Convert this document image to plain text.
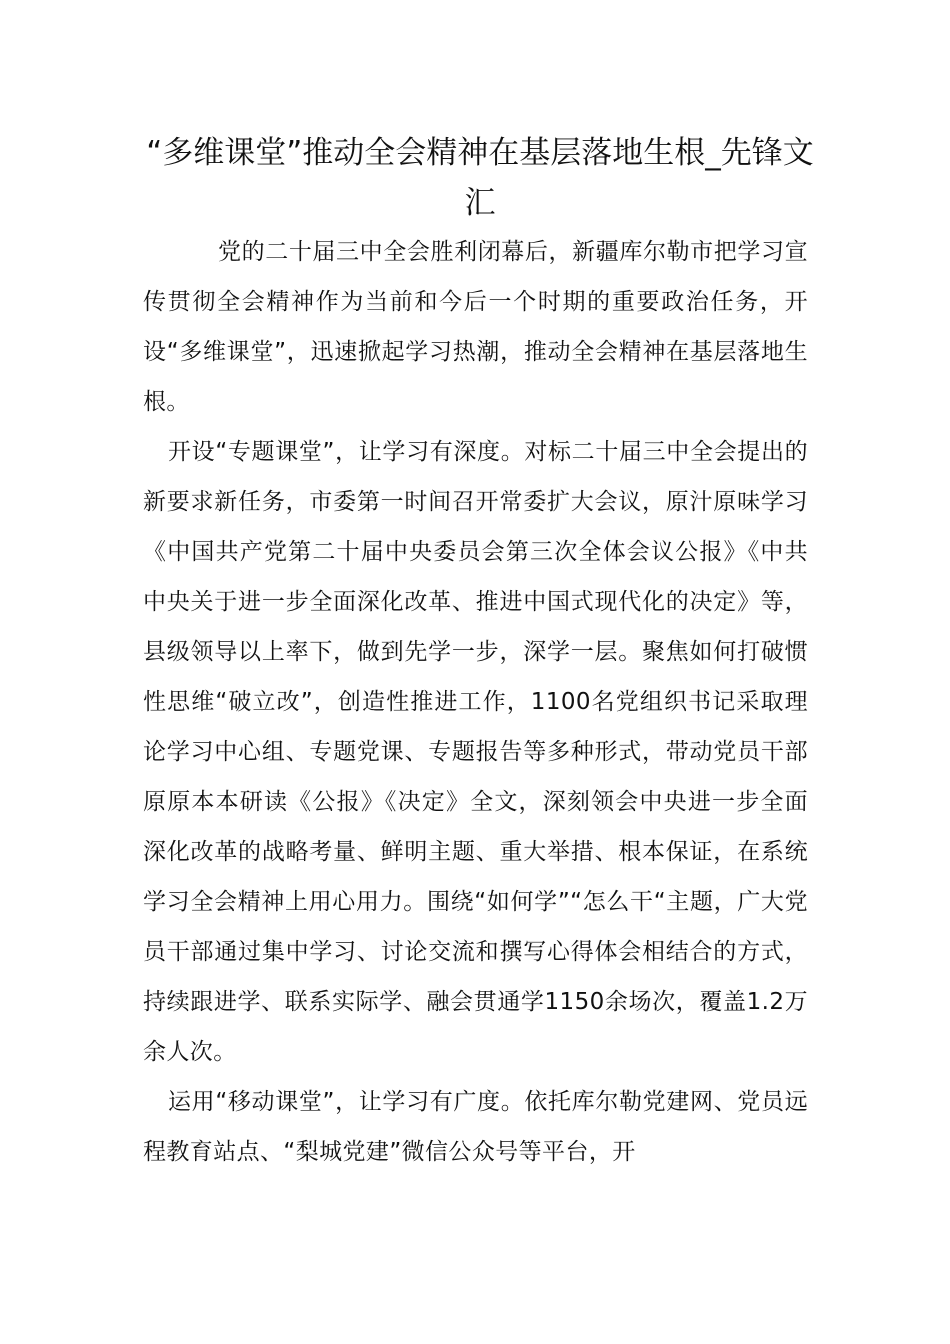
“多维课堂”推动全会精神在基层落地生根_先锋文汇

党的二十届三中全会胜利闭幕后，新疆库尔勒市把学习宣传贯彻全会精神作为当前和今后一个时期的重要政治任务，开设“多维课堂”，迅速掀起学习热潮，推动全会精神在基层落地生根。

开设“专题课堂”，让学习有深度。对标二十届三中全会提出的新要求新任务，市委第一时间召开常委扩大会议，原汁原味学习《中国共产党第二十届中央委员会第三次全体会议公报》《中共中央关于进一步全面深化改革、推进中国式现代化的决定》等，县级领导以上率下，做到先学一步，深学一层。聚焦如何打破惯性思维“破立改”，创造性推进工作，1100名党组织书记采取理论学习中心组、专题党课、专题报告等多种形式，带动党员干部原原本本研读《公报》《决定》全文，深刻领会中央进一步全面深化改革的战略考量、鲜明主题、重大举措、根本保证，在系统学习全会精神上用心用力。围绕“如何学”“怎么干“主题，广大党员干部通过集中学习、讨论交流和撰写心得体会相结合的方式，持续跟进学、联系实际学、融会贯通学1150余场次，覆盖1.2万余人次。

运用“移动课堂”，让学习有广度。依托库尔勒党建网、党员远程教育站点、“梨城党建”微信公众号等平台，开
